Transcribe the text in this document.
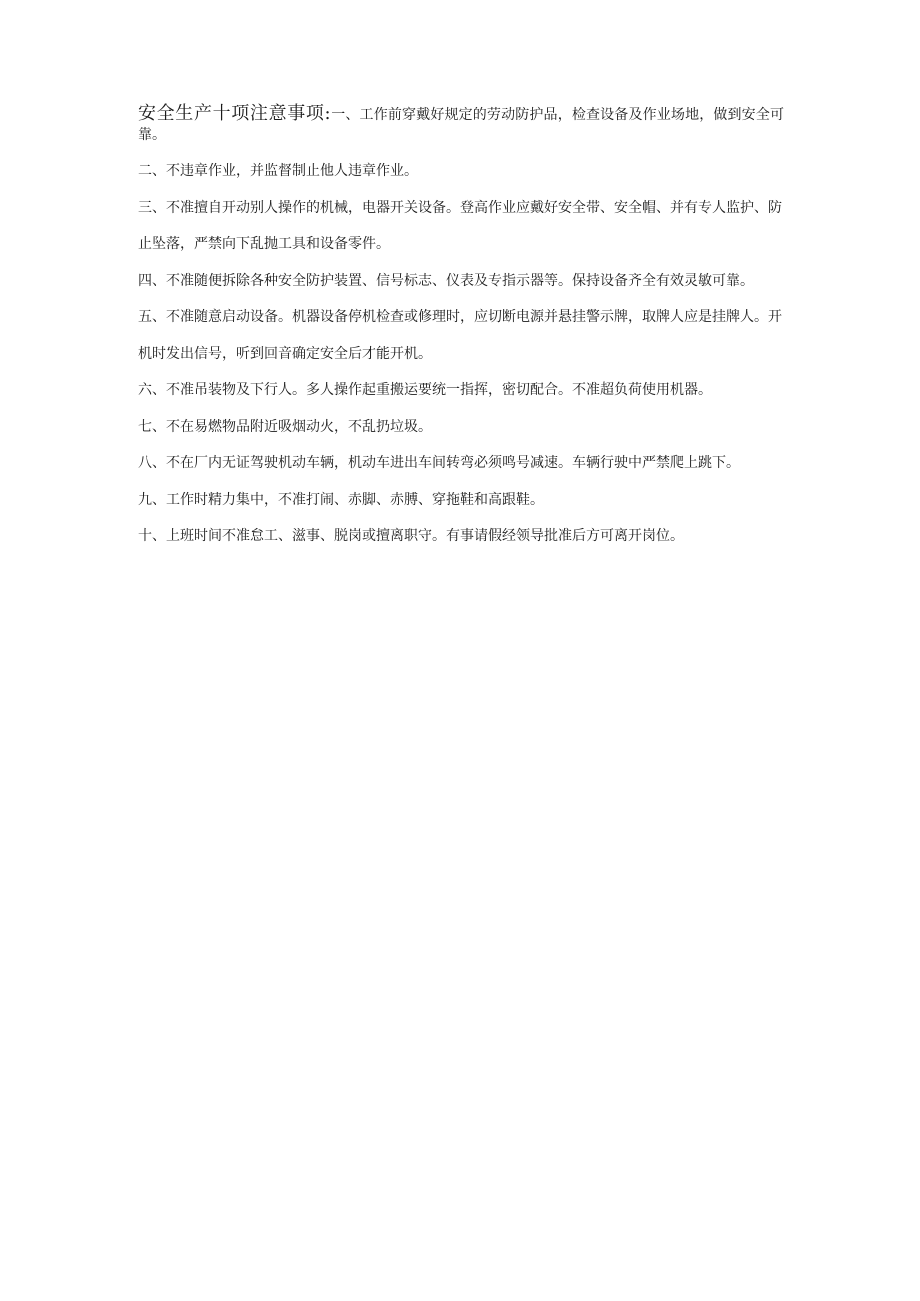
安全生产十项注意事项:一、工作前穿戴好规定的劳动防护品，检查设备及作业场地，做到安全可靠。

二、不违章作业，并监督制止他人违章作业。

三、不准擅自开动别人操作的机械，电器开关设备。登高作业应戴好安全带、安全帽、并有专人监护、防止坠落，严禁向下乱抛工具和设备零件。

四、不准随便拆除各种安全防护装置、信号标志、仪表及专指示器等。保持设备齐全有效灵敏可靠。

五、不准随意启动设备。机器设备停机检查或修理时，应切断电源并悬挂警示牌，取牌人应是挂牌人。开机时发出信号，听到回音确定安全后才能开机。

六、不准吊装物及下行人。多人操作起重搬运要统一指挥，密切配合。不准超负荷使用机器。

七、不在易燃物品附近吸烟动火，不乱扔垃圾。

八、不在厂内无证驾驶机动车辆，机动车进出车间转弯必须鸣号减速。车辆行驶中严禁爬上跳下。

九、工作时精力集中，不准打闹、赤脚、赤膊、穿拖鞋和高跟鞋。

十、上班时间不准怠工、滋事、脱岗或擅离职守。有事请假经领导批准后方可离开岗位。
